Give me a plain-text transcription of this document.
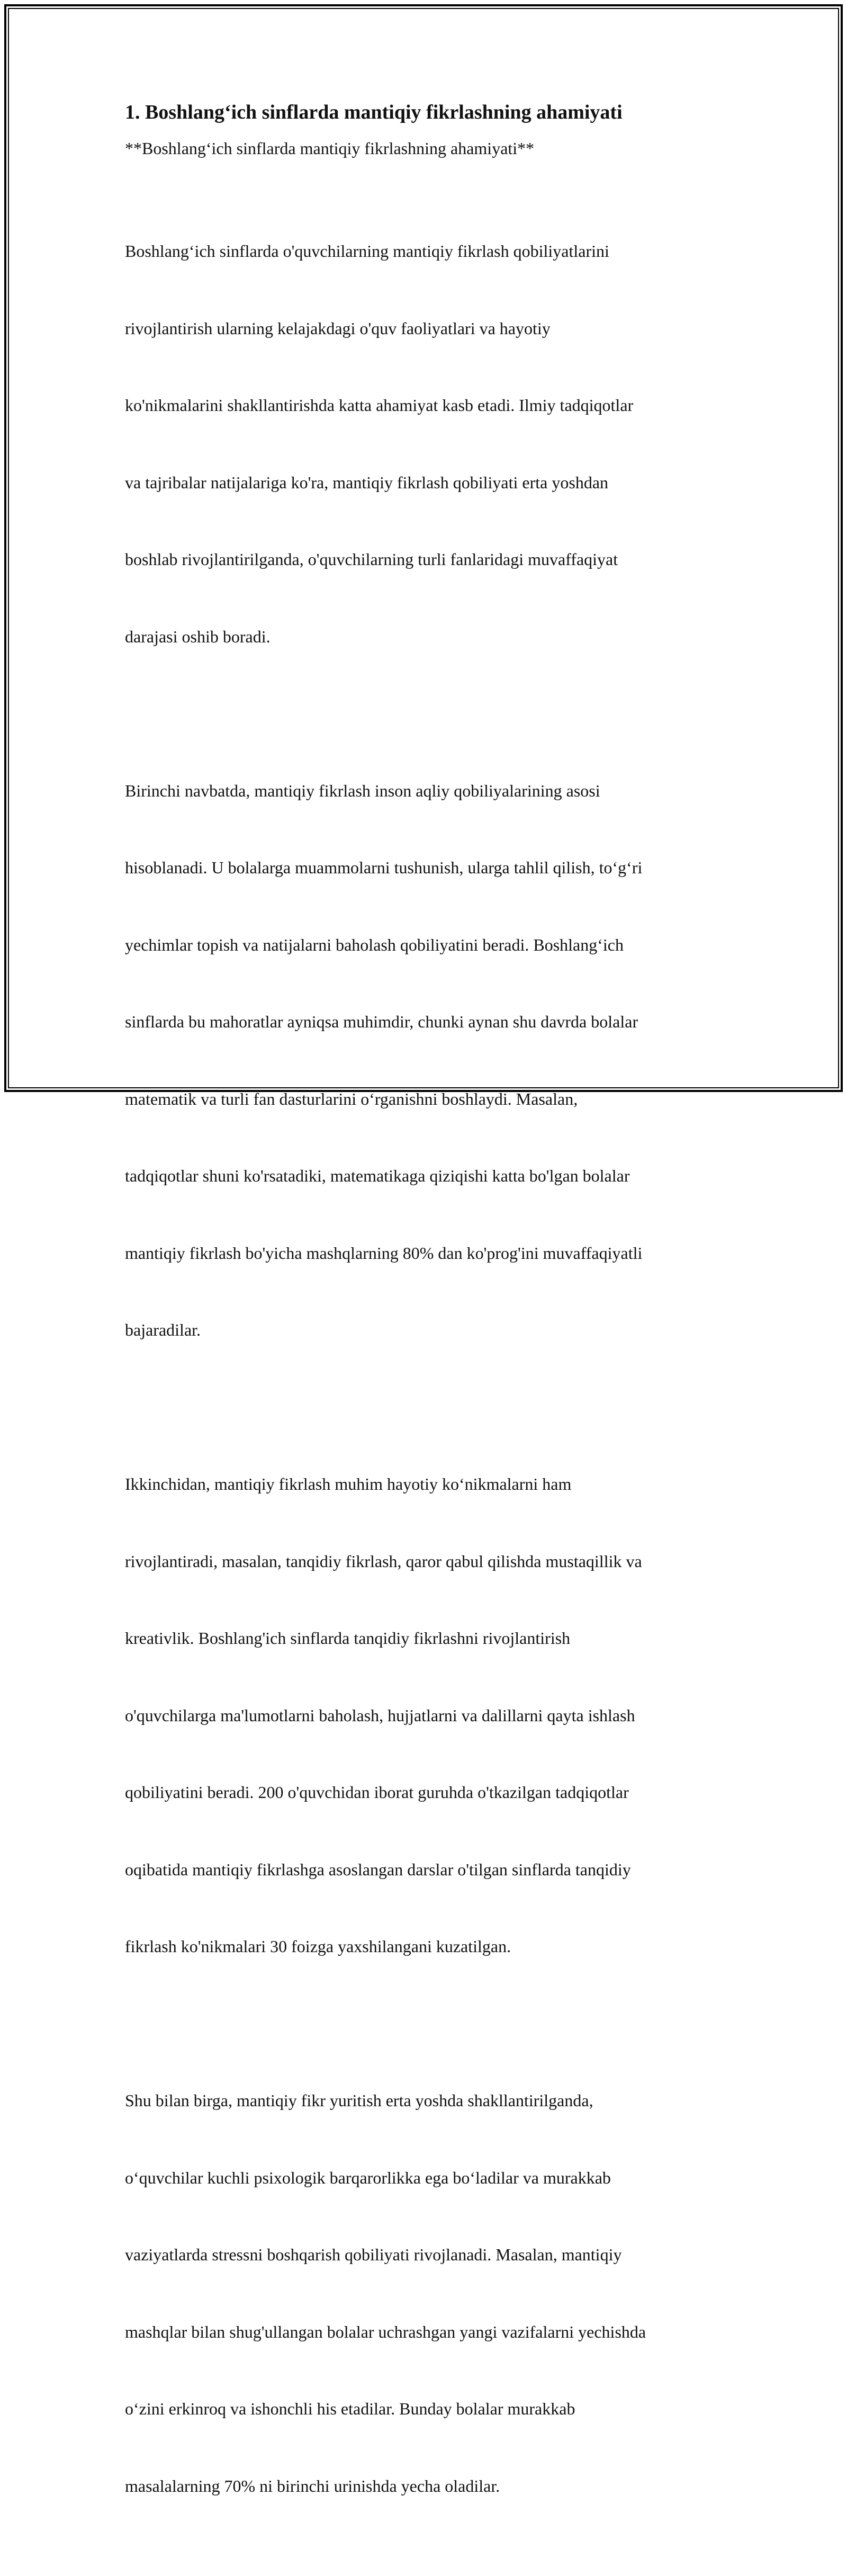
1. Boshlang‘ich sinflarda mantiqiy fikrlashning ahamiyati

**Boshlang‘ich sinflarda mantiqiy fikrlashning ahamiyati**

Boshlang‘ich sinflarda o'quvchilarning mantiqiy fikrlash qobiliyatlarini

rivojlantirish ularning kelajakdagi o'quv faoliyatlari va hayotiy

ko'nikmalarini shakllantirishda katta ahamiyat kasb etadi. Ilmiy tadqiqotlar

va tajribalar natijalariga ko'ra, mantiqiy fikrlash qobiliyati erta yoshdan

boshlab rivojlantirilganda, o'quvchilarning turli fanlaridagi muvaffaqiyat

darajasi oshib boradi.

Birinchi navbatda, mantiqiy fikrlash inson aqliy qobiliyalarining asosi

hisoblanadi. U bolalarga muammolarni tushunish, ularga tahlil qilish, to‘g‘ri

yechimlar topish va natijalarni baholash qobiliyatini beradi. Boshlang‘ich

sinflarda bu mahoratlar ayniqsa muhimdir, chunki aynan shu davrda bolalar

matematik va turli fan dasturlarini o‘rganishni boshlaydi. Masalan,

tadqiqotlar shuni ko'rsatadiki, matematikaga qiziqishi katta bo'lgan bolalar

mantiqiy fikrlash bo'yicha mashqlarning 80% dan ko'prog'ini muvaffaqiyatli

bajaradilar.

Ikkinchidan, mantiqiy fikrlash muhim hayotiy ko‘nikmalarni ham

rivojlantiradi, masalan, tanqidiy fikrlash, qaror qabul qilishda mustaqillik va

kreativlik. Boshlang'ich sinflarda tanqidiy fikrlashni rivojlantirish

o'quvchilarga ma'lumotlarni baholash, hujjatlarni va dalillarni qayta ishlash

qobiliyatini beradi. 200 o'quvchidan iborat guruhda o'tkazilgan tadqiqotlar

oqibatida mantiqiy fikrlashga asoslangan darslar o'tilgan sinflarda tanqidiy

fikrlash ko'nikmalari 30 foizga yaxshilangani kuzatilgan.

Shu bilan birga, mantiqiy fikr yuritish erta yoshda shakllantirilganda,

o‘quvchilar kuchli psixologik barqarorlikka ega bo‘ladilar va murakkab

vaziyatlarda stressni boshqarish qobiliyati rivojlanadi. Masalan, mantiqiy

mashqlar bilan shug'ullangan bolalar uchrashgan yangi vazifalarni yechishda

o‘zini erkinroq va ishonchli his etadilar. Bunday bolalar murakkab

masalalarning 70% ni birinchi urinishda yecha oladilar.
